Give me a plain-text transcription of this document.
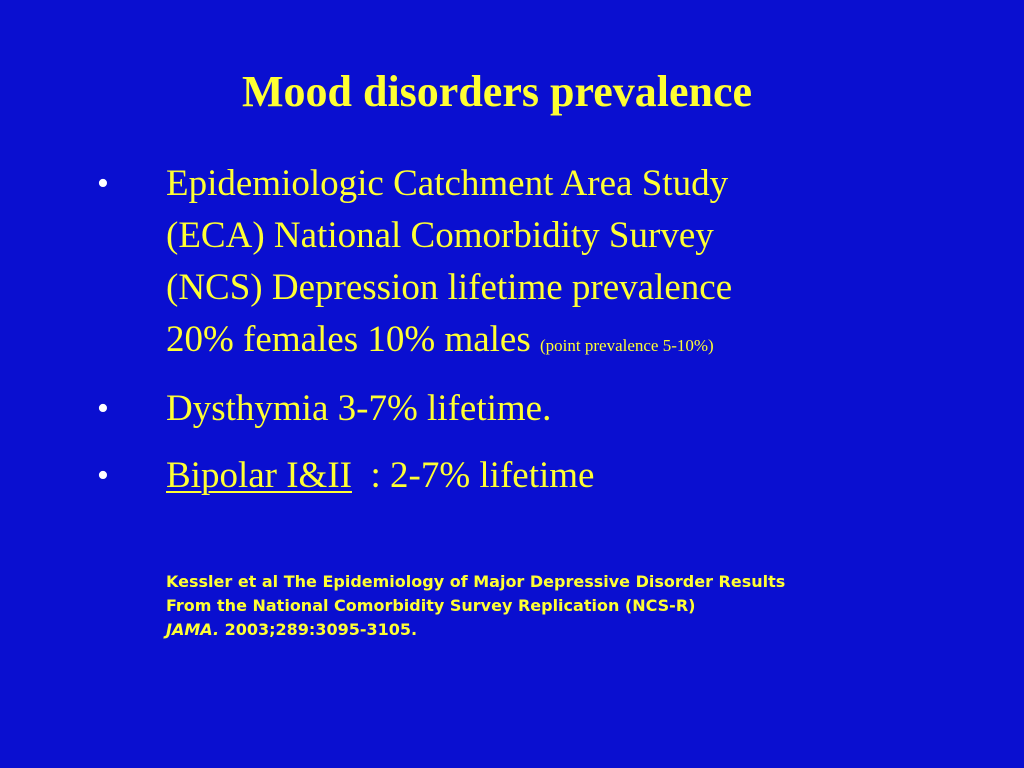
Mood disorders prevalence
• Epidemiologic Catchment Area Study
(ECA) National Comorbidity Survey
(NCS) Depression lifetime prevalence
20% females 10% males (point prevalence 5-10%)
• Dysthymia 3-7% lifetime.
• Bipolar I&II  : 2-7% lifetime
Kessler et al The Epidemiology of Major Depressive Disorder Results
From the National Comorbidity Survey Replication (NCS-R)
JAMA. 2003;289:3095-3105.
